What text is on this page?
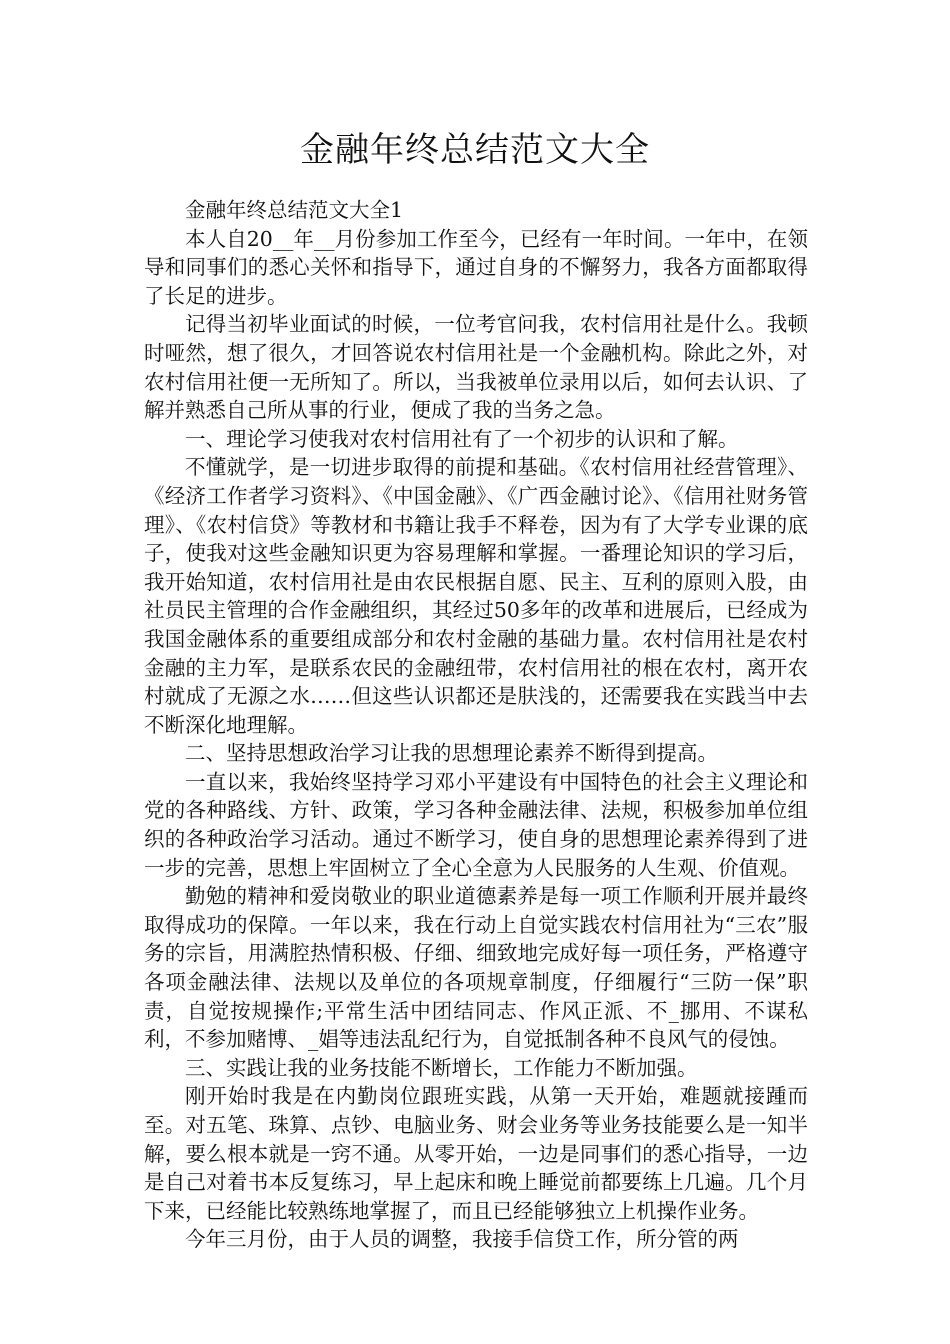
金融年终总结范文大全

金融年终总结范文大全1

本人自20__年__月份参加工作至今，已经有一年时间。一年中，在领导和同事们的悉心关怀和指导下，通过自身的不懈努力，我各方面都取得了长足的进步。

记得当初毕业面试的时候，一位考官问我，农村信用社是什么。我顿时哑然，想了很久，才回答说农村信用社是一个金融机构。除此之外，对农村信用社便一无所知了。所以，当我被单位录用以后，如何去认识、了解并熟悉自己所从事的行业，便成了我的当务之急。

一、理论学习使我对农村信用社有了一个初步的认识和了解。

不懂就学，是一切进步取得的前提和基础。《农村信用社经营管理》、《经济工作者学习资料》、《中国金融》、《广西金融讨论》、《信用社财务管理》、《农村信贷》等教材和书籍让我手不释卷，因为有了大学专业课的底子，使我对这些金融知识更为容易理解和掌握。一番理论知识的学习后，我开始知道，农村信用社是由农民根据自愿、民主、互利的原则入股，由社员民主管理的合作金融组织，其经过50多年的改革和进展后，已经成为我国金融体系的重要组成部分和农村金融的基础力量。农村信用社是农村金融的主力军，是联系农民的金融纽带，农村信用社的根在农村，离开农村就成了无源之水……但这些认识都还是肤浅的，还需要我在实践当中去不断深化地理解。

二、坚持思想政治学习让我的思想理论素养不断得到提高。

一直以来，我始终坚持学习邓小平建设有中国特色的社会主义理论和党的各种路线、方针、政策，学习各种金融法律、法规，积极参加单位组织的各种政治学习活动。通过不断学习，使自身的思想理论素养得到了进一步的完善，思想上牢固树立了全心全意为人民服务的人生观、价值观。

勤勉的精神和爱岗敬业的职业道德素养是每一项工作顺利开展并最终取得成功的保障。一年以来，我在行动上自觉实践农村信用社为“三农”服务的宗旨，用满腔热情积极、仔细、细致地完成好每一项任务，严格遵守各项金融法律、法规以及单位的各项规章制度，仔细履行“三防一保”职责，自觉按规操作;平常生活中团结同志、作风正派、不_挪用、不谋私利，不参加赌博、_娼等违法乱纪行为，自觉抵制各种不良风气的侵蚀。

三、实践让我的业务技能不断增长，工作能力不断加强。

刚开始时我是在内勤岗位跟班实践，从第一天开始，难题就接踵而至。对五笔、珠算、点钞、电脑业务、财会业务等业务技能要么是一知半解，要么根本就是一窍不通。从零开始，一边是同事们的悉心指导，一边是自己对着书本反复练习，早上起床和晚上睡觉前都要练上几遍。几个月下来，已经能比较熟练地掌握了，而且已经能够独立上机操作业务。

今年三月份，由于人员的调整，我接手信贷工作，所分管的两
